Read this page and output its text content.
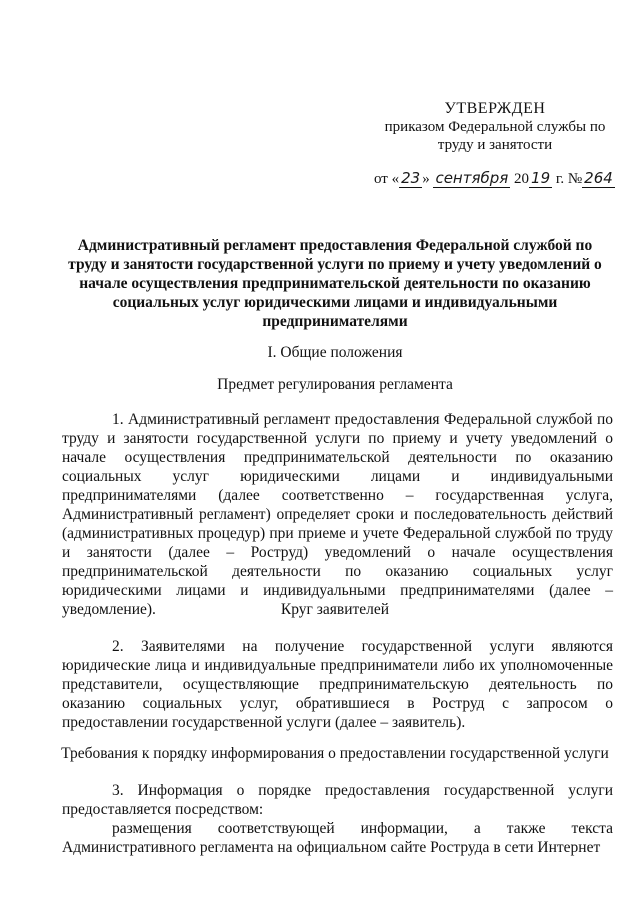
УТВЕРЖДЕН
приказом Федеральной службы по
труду и занятости
от « 23 » сентября 20 19 г. № 264
Административный регламент предоставления Федеральной службой по труду и занятости государственной услуги по приему и учету уведомлений о начале осуществления предпринимательской деятельности по оказанию социальных услуг юридическими лицами и индивидуальными предпринимателями
I. Общие положения
Предмет регулирования регламента
1. Административный регламент предоставления Федеральной службой по труду и занятости государственной услуги по приему и учету уведомлений о начале осуществления предпринимательской деятельности по оказанию социальных услуг юридическими лицами и индивидуальными предпринимателями (далее соответственно – государственная услуга, Административный регламент) определяет сроки и последовательность действий (административных процедур) при приеме и учете Федеральной службой по труду и занятости (далее – Роструд) уведомлений о начале осуществления предпринимательской деятельности по оказанию социальных услуг юридическими лицами и индивидуальными предпринимателями (далее – уведомление).	Круг заявителей
2. Заявителями на получение государственной услуги являются юридические лица и индивидуальные предприниматели либо их уполномоченные представители, осуществляющие предпринимательскую деятельность по оказанию социальных услуг, обратившиеся в Роструд с запросом о предоставлении государственной услуги (далее – заявитель).
Требования к порядку информирования о предоставлении государственной услуги
3. Информация о порядке предоставления государственной услуги предоставляется посредством:
размещения соответствующей информации, а также текста Административного регламента на официальном сайте Роструда в сети Интернет
